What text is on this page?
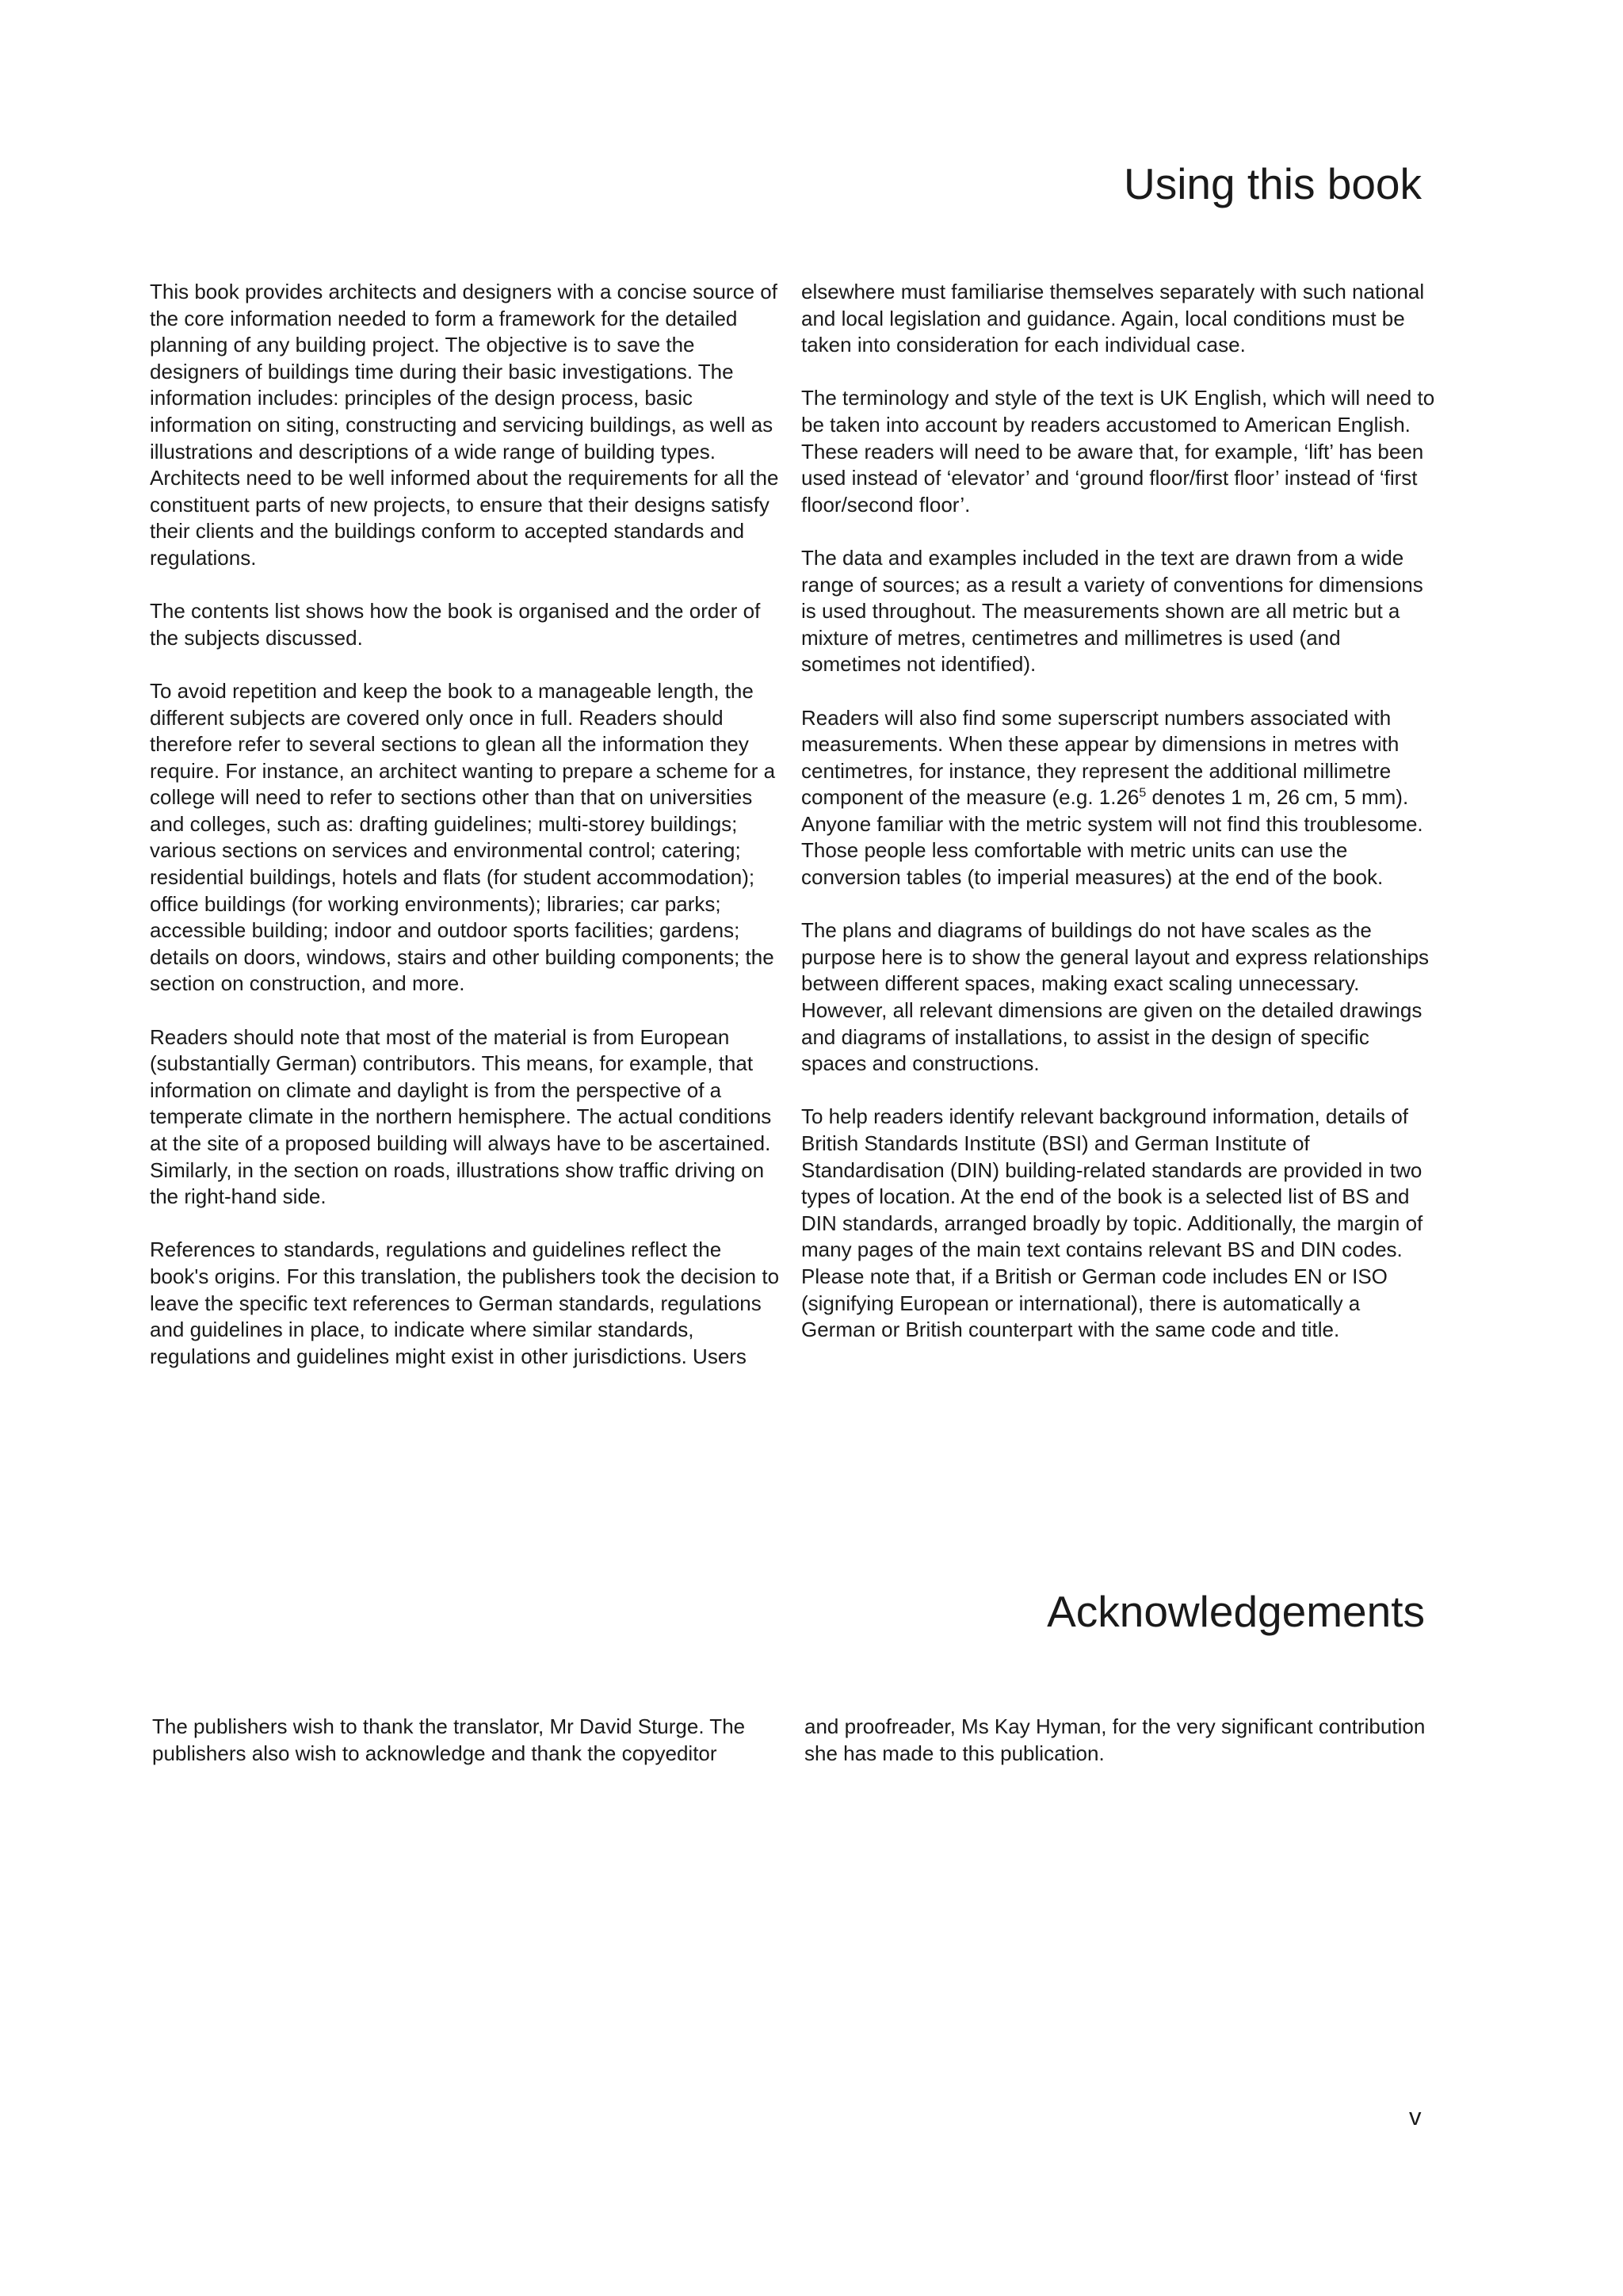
Using this book

This book provides architects and designers with a concise source of the core information needed to form a framework for the detailed planning of any building project. The objective is to save the designers of buildings time during their basic investigations. The information includes: principles of the design process, basic information on siting, constructing and servicing buildings, as well as illustrations and descriptions of a wide range of building types. Architects need to be well informed about the requirements for all the constituent parts of new projects, to ensure that their designs satisfy their clients and the buildings conform to accepted standards and regulations.

The contents list shows how the book is organised and the order of the subjects discussed.

To avoid repetition and keep the book to a manageable length, the different subjects are covered only once in full. Readers should therefore refer to several sections to glean all the information they require. For instance, an architect wanting to prepare a scheme for a college will need to refer to sections other than that on universities and colleges, such as: drafting guidelines; multi-storey buildings; various sections on services and environmental control; catering; residential buildings, hotels and flats (for student accommodation); office buildings (for working environments); libraries; car parks; accessible building; indoor and outdoor sports facilities; gardens; details on doors, windows, stairs and other building components; the section on construction, and more.

Readers should note that most of the material is from European (substantially German) contributors. This means, for example, that information on climate and daylight is from the perspective of a temperate climate in the northern hemisphere. The actual conditions at the site of a proposed building will always have to be ascertained. Similarly, in the section on roads, illustrations show traffic driving on the right-hand side.

References to standards, regulations and guidelines reflect the book's origins. For this translation, the publishers took the decision to leave the specific text references to German standards, regulations and guidelines in place, to indicate where similar standards, regulations and guidelines might exist in other jurisdictions. Users

elsewhere must familiarise themselves separately with such national and local legislation and guidance. Again, local conditions must be taken into consideration for each individual case.

The terminology and style of the text is UK English, which will need to be taken into account by readers accustomed to American English. These readers will need to be aware that, for example, ‘lift’ has been used instead of ‘elevator’ and ‘ground floor/first floor’ instead of ‘first floor/second floor’.

The data and examples included in the text are drawn from a wide range of sources; as a result a variety of conventions for dimensions is used throughout. The measurements shown are all metric but a mixture of metres, centimetres and millimetres is used (and sometimes not identified).

Readers will also find some superscript numbers associated with measurements. When these appear by dimensions in metres with centimetres, for instance, they represent the additional millimetre component of the measure (e.g. 1.26$^5$ denotes 1 m, 26 cm, 5 mm). Anyone familiar with the metric system will not find this troublesome. Those people less comfortable with metric units can use the conversion tables (to imperial measures) at the end of the book.

The plans and diagrams of buildings do not have scales as the purpose here is to show the general layout and express relationships between different spaces, making exact scaling unnecessary. However, all relevant dimensions are given on the detailed drawings and diagrams of installations, to assist in the design of specific spaces and constructions.

To help readers identify relevant background information, details of British Standards Institute (BSI) and German Institute of Standardisation (DIN) building-related standards are provided in two types of location. At the end of the book is a selected list of BS and DIN standards, arranged broadly by topic. Additionally, the margin of many pages of the main text contains relevant BS and DIN codes. Please note that, if a British or German code includes EN or ISO (signifying European or international), there is automatically a German or British counterpart with the same code and title.

Acknowledgements

The publishers wish to thank the translator, Mr David Sturge. The publishers also wish to acknowledge and thank the copyeditor

and proofreader, Ms Kay Hyman, for the very significant contribution she has made to this publication.

v
